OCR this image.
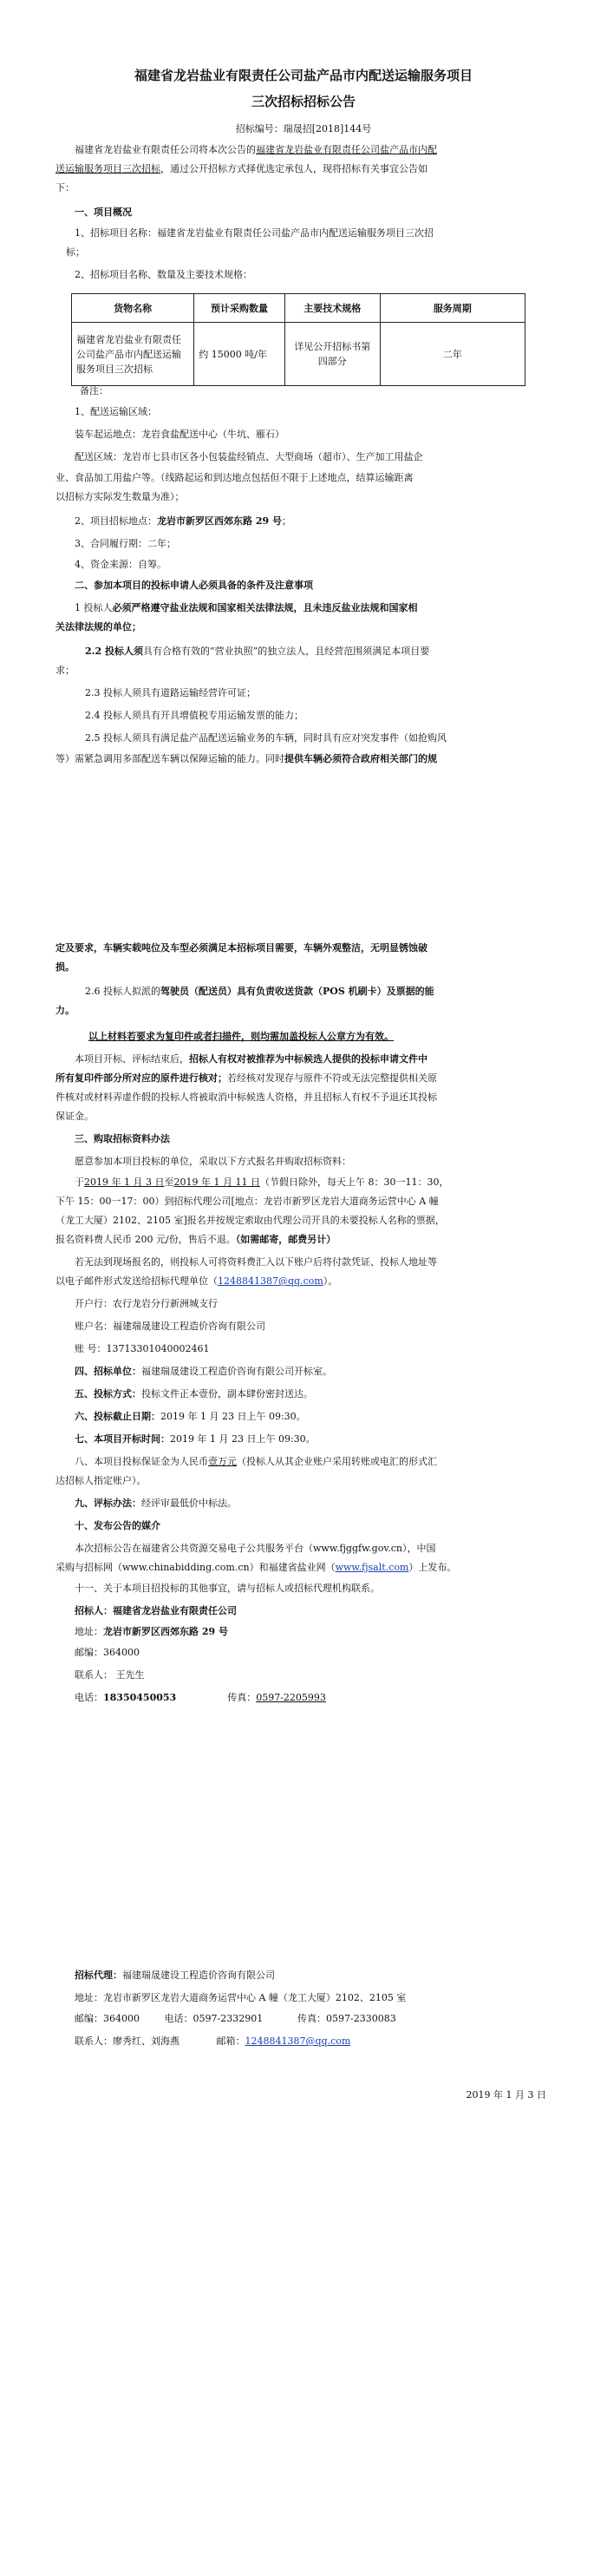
福建省龙岩盐业有限责任公司盐产品市内配送运输服务项目
三次招标招标公告
招标编号：瑞晟招[2018]144号
福建省龙岩盐业有限责任公司将本次公告的福建省龙岩盐业有限责任公司盐产品市内配
送运输服务项目三次招标，通过公开招标方式择优选定承包人，现将招标有关事宜公告如
下：
一、项目概况
1、招标项目名称：福建省龙岩盐业有限责任公司盐产品市内配送运输服务项目三次招
标；
2、招标项目名称、数量及主要技术规格：
货物名称	预计采购数量	主要技术规格	服务周期
福建省龙岩盐业有限责任公司盐产品市内配送运输服务项目三次招标	约 15000 吨/年	详见公开招标书第四部分	二年
备注：
1、配送运输区域：
装车起运地点：龙岩食盐配送中心（牛坑、雁石）
配送区域：龙岩市七县市区各小包装盐经销点、大型商场（超市）、生产加工用盐企
业、食品加工用盐户等。（线路起运和到达地点包括但不限于上述地点，结算运输距离
以招标方实际发生数量为准）；
2、项目招标地点：龙岩市新罗区西郊东路 29 号；
3、合同履行期：二年；
4、资金来源：自筹。
二、参加本项目的投标申请人必须具备的条件及注意事项
1 投标人必须严格遵守盐业法规和国家相关法律法规，且未违反盐业法规和国家相
关法律法规的单位；
2.2 投标人须具有合格有效的“营业执照”的独立法人，且经营范围须满足本项目要
求；
2.3 投标人须具有道路运输经营许可证；
2.4 投标人须具有开具增值税专用运输发票的能力；
2.5 投标人须具有满足盐产品配送运输业务的车辆，同时具有应对突发事件（如抢购风
等）需紧急调用多部配送车辆以保障运输的能力。同时提供车辆必须符合政府相关部门的规
定及要求，车辆实载吨位及车型必须满足本招标项目需要，车辆外观整洁，无明显锈蚀破
损。
2.6 投标人拟派的驾驶员（配送员）具有负责收送货款（POS 机刷卡）及票据的能
力。
以上材料若要求为复印件或者扫描件，则均需加盖投标人公章方为有效。
本项目开标、评标结束后，招标人有权对被推荐为中标候选人提供的投标申请文件中
所有复印件部分所对应的原件进行核对；若经核对发现存与原件不符或无法完整提供相关原
件核对或材料弄虚作假的投标人将被取消中标候选人资格，并且招标人有权不予退还其投标
保证金。
三、购取招标资料办法
愿意参加本项目投标的单位，采取以下方式报名并购取招标资料：
于2019 年 1 月 3 日至2019 年 1 月 11 日（节假日除外，每天上午 8：30一11：30，
下午 15：00一17：00）到招标代理公司[地点：龙岩市新罗区龙岩大道商务运营中心 A 幢
（龙工大厦）2102、2105 室]报名并按规定索取由代理公司开具的未要投标人名称的票据，
报名资料费人民币 200 元/份，售后不退。（如需邮寄，邮费另计）
若无法到现场报名的，则投标人可将资料费汇入以下账户后将付款凭证、投标人地址等
以电子邮件形式发送给招标代理单位（1248841387@qq.com）。
开户行：农行龙岩分行新洲城支行
账户名：福建瑞晟建设工程造价咨询有限公司
账 号：13713301040002461
四、招标单位：福建瑞晟建设工程造价咨询有限公司开标室。
五、投标方式：投标文件正本壹份，副本肆份密封送达。
六、投标截止日期：2019 年 1 月 23 日上午 09:30。
七、本项目开标时间：2019 年 1 月 23 日上午 09:30。
八、本项目投标保证金为人民币壹万元（投标人从其企业账户采用转账或电汇的形式汇
达招标人指定账户）。
九、评标办法：经评审最低价中标法。
十、发布公告的媒介
本次招标公告在福建省公共资源交易电子公共服务平台（www.fjggfw.gov.cn），中国
采购与招标网（www.chinabidding.com.cn）和福建省盐业网（www.fjsalt.com）上发布。
十一、关于本项目招投标的其他事宜，请与招标人或招标代理机构联系。
招标人：福建省龙岩盐业有限责任公司
地址：龙岩市新罗区西郊东路 29 号
邮编：364000
联系人： 王先生
电话：18350450053	传真：0597-2205993
招标代理：福建瑞晟建设工程造价咨询有限公司
地址：龙岩市新罗区龙岩大道商务运营中心 A 幢（龙工大厦）2102、2105 室
邮编：364000	电话：0597-2332901	传真：0597-2330083
联系人：廖秀红、刘海燕	邮箱：1248841387@qq.com
2019 年 1 月 3 日
